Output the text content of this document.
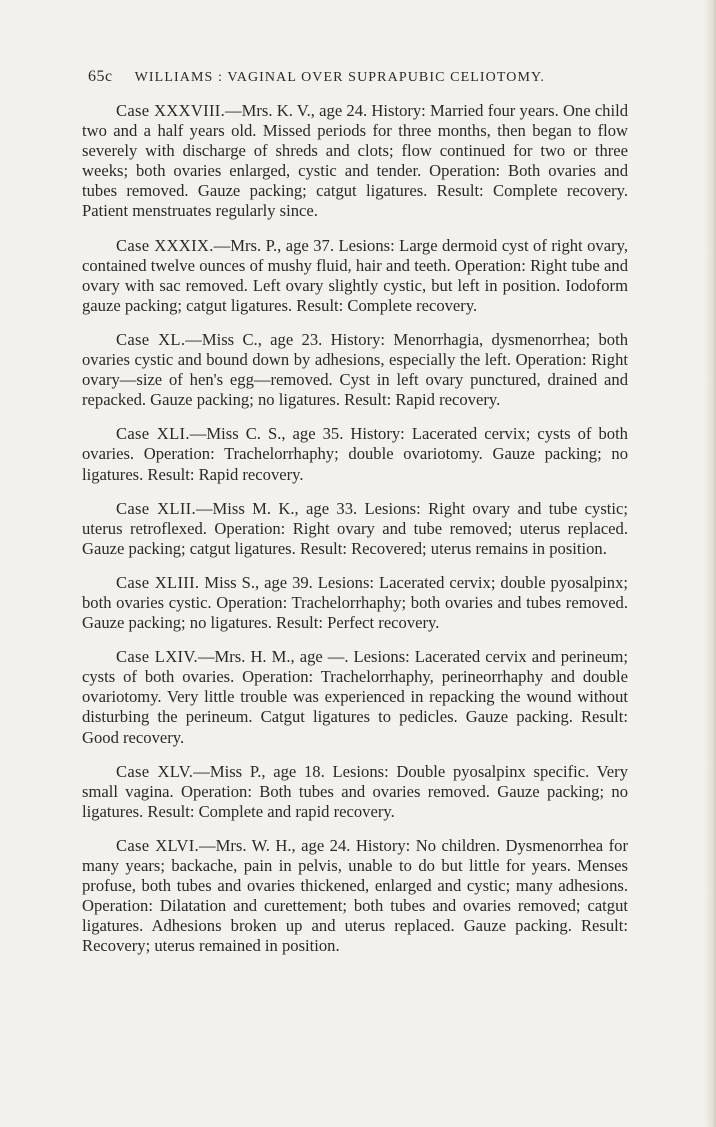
65c WILLIAMS : VAGINAL OVER SUPRAPUBIC CELIOTOMY.

Case XXXVIII.—Mrs. K. V., age 24. History: Married four years. One child two and a half years old. Missed periods for three months, then began to flow severely with discharge of shreds and clots; flow continued for two or three weeks; both ovaries enlarged, cystic and tender. Operation: Both ovaries and tubes removed. Gauze packing; catgut ligatures. Result: Complete recovery. Patient menstruates regularly since.

Case XXXIX.—Mrs. P., age 37. Lesions: Large dermoid cyst of right ovary, contained twelve ounces of mushy fluid, hair and teeth. Operation: Right tube and ovary with sac removed. Left ovary slightly cystic, but left in position. Iodoform gauze packing; catgut ligatures. Result: Complete recovery.

Case XL.—Miss C., age 23. History: Menorrhagia, dysmenorrhea; both ovaries cystic and bound down by adhesions, especially the left. Operation: Right ovary—size of hen's egg—removed. Cyst in left ovary punctured, drained and repacked. Gauze packing; no ligatures. Result: Rapid recovery.

Case XLI.—Miss C. S., age 35. History: Lacerated cervix; cysts of both ovaries. Operation: Trachelorrhaphy; double ovariotomy. Gauze packing; no ligatures. Result: Rapid recovery.

Case XLII.—Miss M. K., age 33. Lesions: Right ovary and tube cystic; uterus retroflexed. Operation: Right ovary and tube removed; uterus replaced. Gauze packing; catgut ligatures. Result: Recovered; uterus remains in position.

Case XLIII. Miss S., age 39. Lesions: Lacerated cervix; double pyosalpinx; both ovaries cystic. Operation: Trachelorrhaphy; both ovaries and tubes removed. Gauze packing; no ligatures. Result: Perfect recovery.

Case LXIV.—Mrs. H. M., age —. Lesions: Lacerated cervix and perineum; cysts of both ovaries. Operation: Trachelorrhaphy, perineorrhaphy and double ovariotomy. Very little trouble was experienced in repacking the wound without disturbing the perineum. Catgut ligatures to pedicles. Gauze packing. Result: Good recovery.

Case XLV.—Miss P., age 18. Lesions: Double pyosalpinx specific. Very small vagina. Operation: Both tubes and ovaries removed. Gauze packing; no ligatures. Result: Complete and rapid recovery.

Case XLVI.—Mrs. W. H., age 24. History: No children. Dysmenorrhea for many years; backache, pain in pelvis, unable to do but little for years. Menses profuse, both tubes and ovaries thickened, enlarged and cystic; many adhesions. Operation: Dilatation and curettement; both tubes and ovaries removed; catgut ligatures. Adhesions broken up and uterus replaced. Gauze packing. Result: Recovery; uterus remained in position.
